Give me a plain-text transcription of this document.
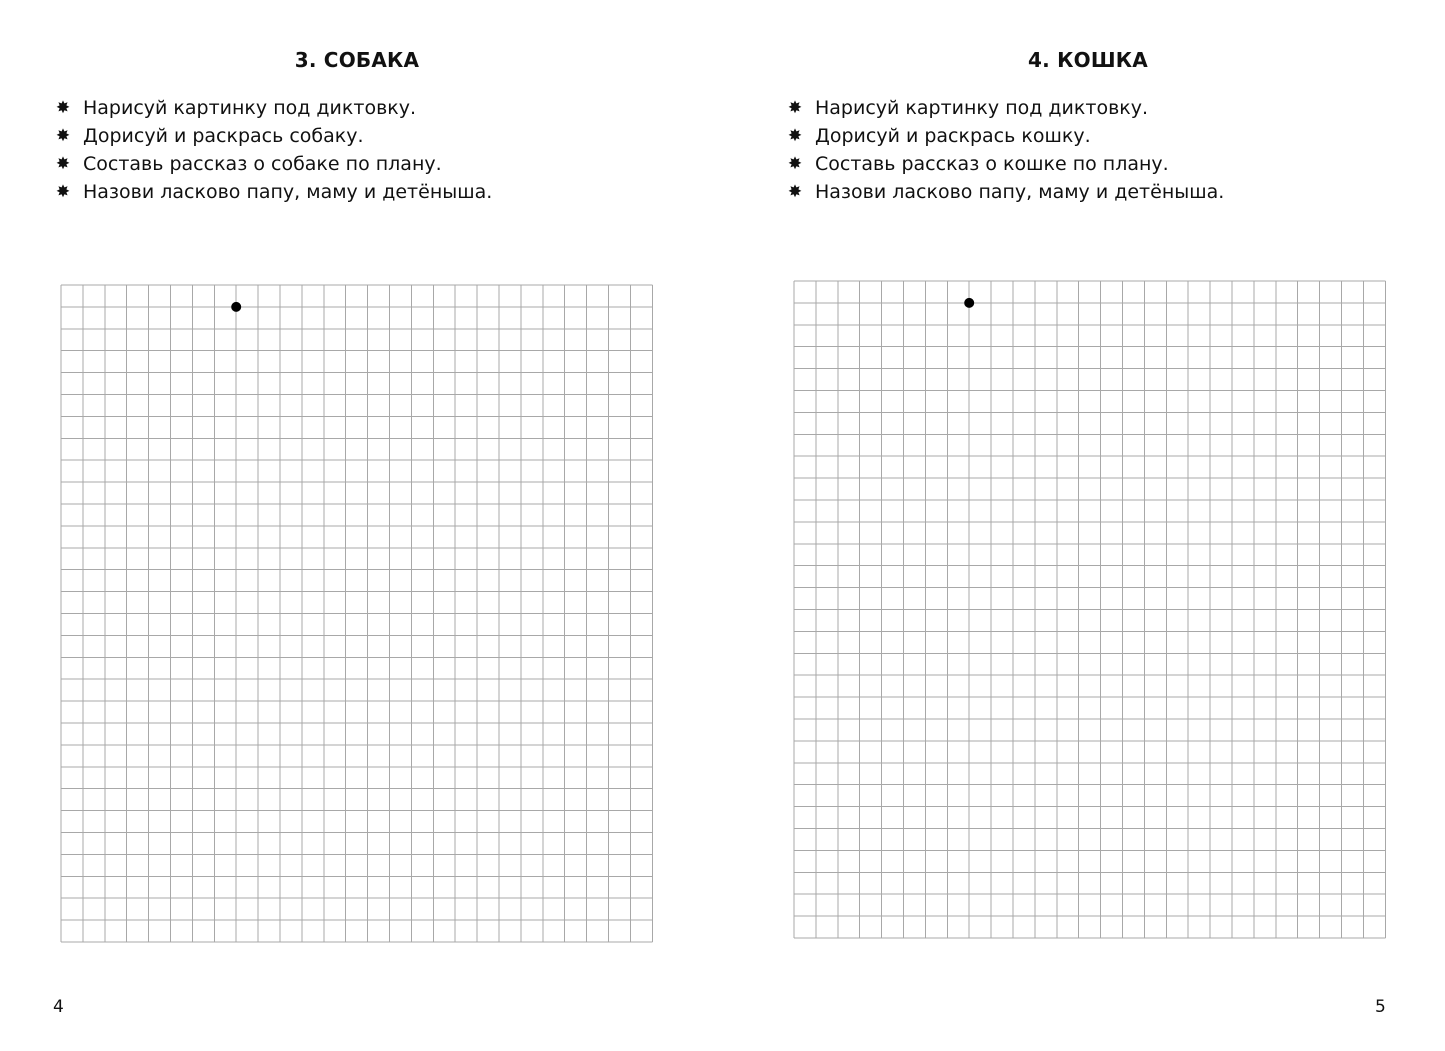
3. СОБАКА
✸ Нарисуй картинку под диктовку.
✸ Дорисуй и раскрась собаку.
✸ Составь рассказ о собаке по плану.
✸ Назови ласково папу, маму и детёныша.
4
4. КОШКА
✸ Нарисуй картинку под диктовку.
✸ Дорисуй и раскрась кошку.
✸ Составь рассказ о кошке по плану.
✸ Назови ласково папу, маму и детёныша.
5
